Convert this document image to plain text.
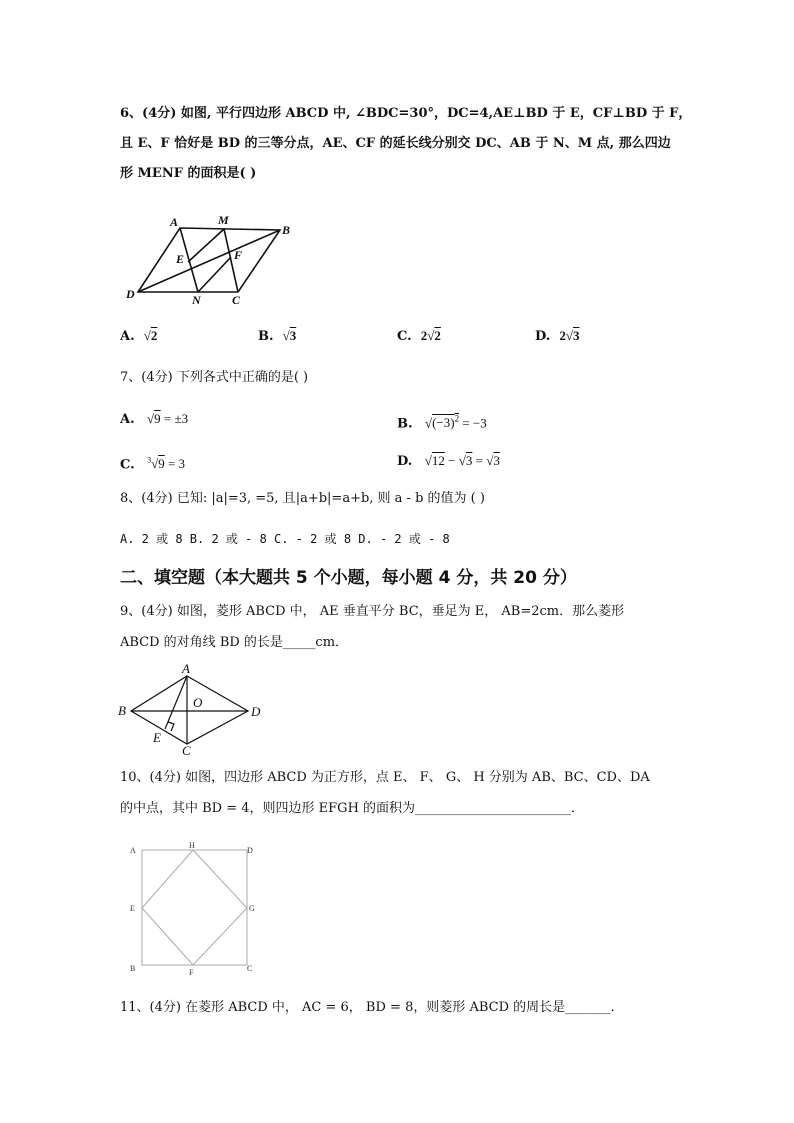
6、(4分) 如图, 平行四边形 ABCD 中, ∠BDC=30°，DC=4,AE⊥BD 于 E，CF⊥BD 于 F，
且 E、F 恰好是 BD 的三等分点，AE、CF 的延长线分别交 DC、AB 于 N、M 点, 那么四边
形 MENF 的面积是( )
A	M
B
E	F
D	N	C
A. √2	B. √3	C. 2√2	D. 2√3
7、(4分) 下列各式中正确的是( )
A. √9 = ±3	B. $√(-3)^2 = -3$
C. $^3$√9 = 3	D. √12 − √3 = √3
8、(4分) 已知: |a|=3, =5, 且|a+b|=a+b, 则 a - b 的值为 ( )
A. 2 或 8 B. 2 或 - 8 C. - 2 或 8 D. - 2 或 - 8
二、填空题（本大题共 5 个小题，每小题 4 分，共 20 分）
9、(4分) 如图，菱形 ABCD 中， AE 垂直平分 BC，垂足为 E， AB=2cm．那么菱形
ABCD 的对角线 BD 的长是_____cm．
A
B
O
D
E
C
10、(4分) 如图，四边形 ABCD 为正方形，点 E、 F、 G、 H 分别为 AB、BC、CD、DA
的中点，其中 BD = 4，则四边形 EFGH 的面积为________________________．
A
H
D
E	G
B	F	C
11、(4分) 在菱形 ABCD 中， AC = 6， BD = 8，则菱形 ABCD 的周长是_______．
